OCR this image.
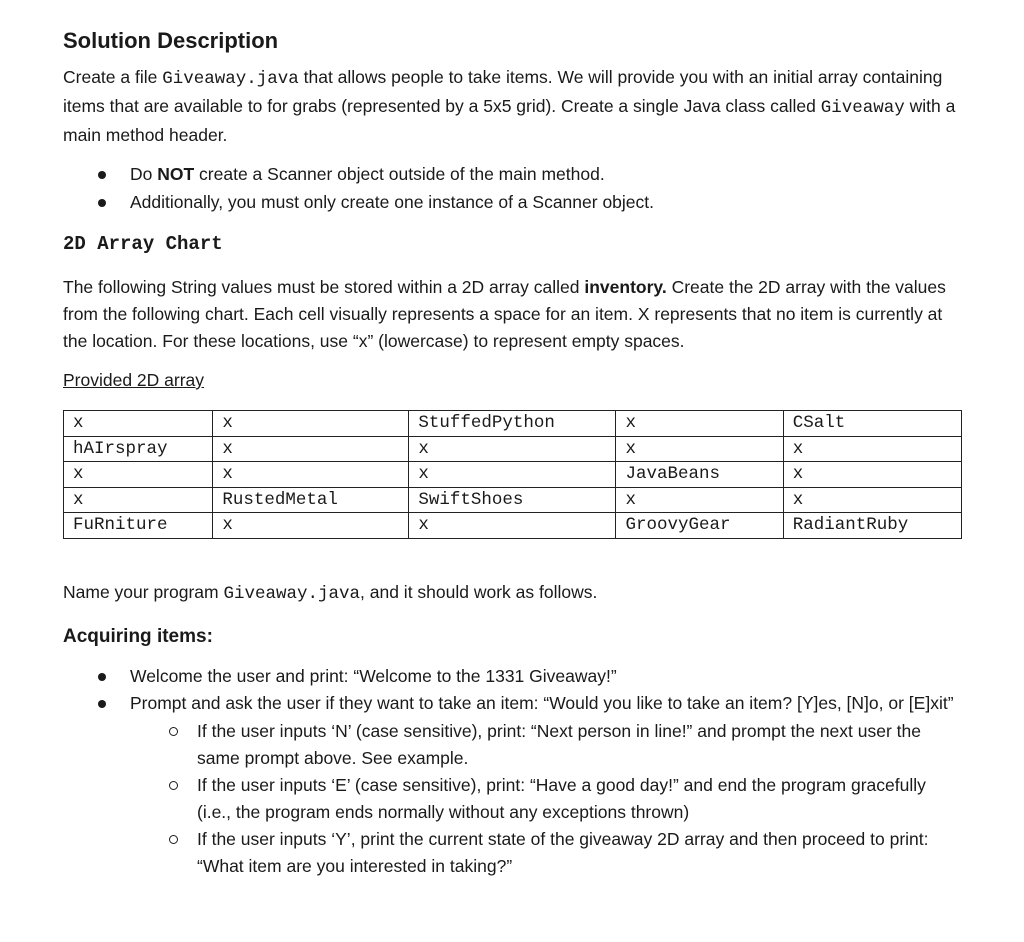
Solution Description

Create a file Giveaway.java that allows people to take items. We will provide you with an initial array containing items that are available to for grabs (represented by a 5x5 grid). Create a single Java class called Giveaway with a main method header.

Do NOT create a Scanner object outside of the main method.
Additionally, you must only create one instance of a Scanner object.
2D Array Chart

The following String values must be stored within a 2D array called inventory. Create the 2D array with the values from the following chart. Each cell visually represents a space for an item. X represents that no item is currently at the location. For these locations, use “x” (lowercase) to represent empty spaces.

Provided 2D array
x	x	StuffedPython	x	CSalt
hAIrspray	x	x	x	x
x	x	x	JavaBeans	x
x	RustedMetal	SwiftShoes	x	x
FuRniture	x	x	GroovyGear	RadiantRuby

Name your program Giveaway.java, and it should work as follows.

Acquiring items:
Welcome the user and print: “Welcome to the 1331 Giveaway!”
Prompt and ask the user if they want to take an item: “Would you like to take an item? [Y]es, [N]o, or [E]xit”
If the user inputs ‘N’ (case sensitive), print: “Next person in line!” and prompt the next user the same prompt above. See example.
If the user inputs ‘E’ (case sensitive), print: “Have a good day!” and end the program gracefully (i.e., the program ends normally without any exceptions thrown)
If the user inputs ‘Y’, print the current state of the giveaway 2D array and then proceed to print: “What item are you interested in taking?”
